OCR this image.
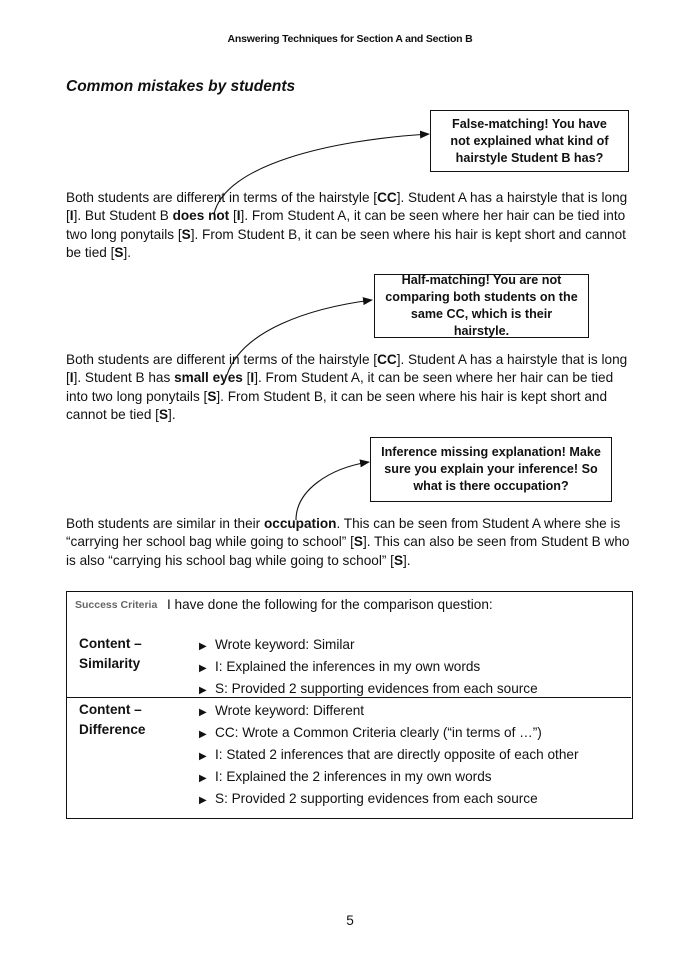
Answering Techniques for Section A and Section B
Common mistakes by students
False-matching! You have not explained what kind of hairstyle Student B has?
Both students are different in terms of the hairstyle [CC]. Student A has a hairstyle that is long [I]. But Student B does not [I]. From Student A, it can be seen where her hair can be tied into two long ponytails [S]. From Student B, it can be seen where his hair is kept short and cannot be tied [S].
Half-matching! You are not comparing both students on the same CC, which is their hairstyle.
Both students are different in terms of the hairstyle [CC]. Student A has a hairstyle that is long [I]. Student B has small eyes [I]. From Student A, it can be seen where her hair can be tied into two long ponytails [S]. From Student B, it can be seen where his hair is kept short and cannot be tied [S].
Inference missing explanation! Make sure you explain your inference! So what is there occupation?
Both students are similar in their occupation. This can be seen from Student A where she is “carrying her school bag while going to school” [S]. This can also be seen from Student B who is also “carrying his school bag while going to school” [S].
Success Criteria I have done the following for the comparison question:
Content – Similarity
▶ Wrote keyword: Similar
▶ I: Explained the inferences in my own words
▶ S: Provided 2 supporting evidences from each source
Content – Difference
▶ Wrote keyword: Different
▶ CC: Wrote a Common Criteria clearly (“in terms of …”)
▶ I: Stated 2 inferences that are directly opposite of each other
▶ I: Explained the 2 inferences in my own words
▶ S: Provided 2 supporting evidences from each source
5
